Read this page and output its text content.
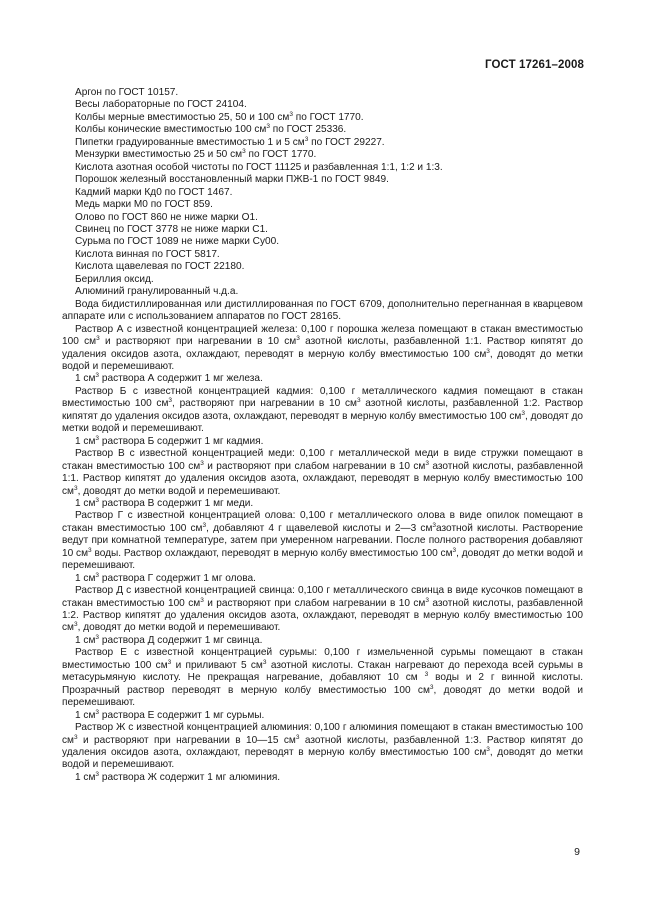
ГОСТ 17261–2008

Аргон по ГОСТ 10157.

Весы лабораторные по ГОСТ 24104.

Колбы мерные вместимостью 25, 50 и 100 $см^3$ по ГОСТ 1770.

Колбы конические вместимостью 100 $см^3$ по ГОСТ 25336.

Пипетки градуированные вместимостью 1 и 5 $см^3$ по ГОСТ 29227.

Мензурки вместимостью 25 и 50 $см^3$ по ГОСТ 1770.

Кислота азотная особой чистоты по ГОСТ 11125 и разбавленная 1:1, 1:2 и 1:3.

Порошок железный восстановленный марки ПЖВ-1 по ГОСТ 9849.

Кадмий марки Кд0 по ГОСТ 1467.

Медь марки М0 по ГОСТ 859.

Олово по ГОСТ 860 не ниже марки О1.

Свинец по ГОСТ 3778 не ниже марки С1.

Сурьма по ГОСТ 1089 не ниже марки Су00.

Кислота винная по ГОСТ 5817.

Кислота щавелевая по ГОСТ 22180.

Бериллия оксид.

Алюминий гранулированный ч.д.а.

Вода бидистиллированная или дистиллированная по ГОСТ 6709, дополнительно перегнанная в кварцевом аппарате или с использованием аппаратов по ГОСТ 28165.

Раствор А с известной концентрацией железа: 0,100 г порошка железа помещают в стакан вместимостью 100 $см^3$ и растворяют при нагревании в 10 $см^3$ азотной кислоты, разбавленной 1:1. Раствор кипятят до удаления оксидов азота, охлаждают, переводят в мерную колбу вместимостью 100 $см^3$, доводят до метки водой и перемешивают.

1 $см^3$ раствора А содержит 1 мг железа.

Раствор Б с известной концентрацией кадмия: 0,100 г металлического кадмия помещают в стакан вместимостью 100 $см^3$, растворяют при нагревании в 10 $см^3$ азотной кислоты, разбавленной 1:2. Раствор кипятят до удаления оксидов азота, охлаждают, переводят в мерную колбу вместимостью 100 $см^3$, доводят до метки водой и перемешивают.

1 $см^3$ раствора Б содержит 1 мг кадмия.

Раствор В с известной концентрацией меди: 0,100 г металлической меди в виде стружки помещают в стакан вместимостью 100 $см^3$ и растворяют при слабом нагревании в 10 $см^3$ азотной кислоты, разбавленной 1:1. Раствор кипятят до удаления оксидов азота, охлаждают, переводят в мерную колбу вместимостью 100 $см^3$, доводят до метки водой и перемешивают.

1 $см^3$ раствора В содержит 1 мг меди.

Раствор Г с известной концентрацией олова: 0,100 г металлического олова в виде опилок помещают в стакан вместимостью 100 $см^3$, добавляют 4 г щавелевой кислоты и 2—3 $см^3азотной$ кислоты. Растворение ведут при комнатной температуре, затем при умеренном нагревании. После полного растворения добавляют 10 $см^3$ воды. Раствор охлаждают, переводят в мерную колбу вместимостью 100 $см^3$, доводят до метки водой и перемешивают.

1 $см^3$ раствора Г содержит 1 мг олова.

Раствор Д с известной концентрацией свинца: 0,100 г металлического свинца в виде кусочков помещают в стакан вместимостью 100 $см^3$ и растворяют при слабом нагревании в 10 $см^3$ азотной кислоты, разбавленной 1:2. Раствор кипятят до удаления оксидов азота, охлаждают, переводят в мерную колбу вместимостью 100 $см^3$, доводят до метки водой и перемешивают.

1 $см^3$ раствора Д содержит 1 мг свинца.

Раствор Е с известной концентрацией сурьмы: 0,100 г измельченной сурьмы помещают в стакан вместимостью 100 $см^3$ и приливают 5 $см^3$ азотной кислоты. Стакан нагревают до перехода всей сурьмы в метасурьмяную кислоту. Не прекращая нагревание, добавляют 10 см $^3$ воды и 2 г винной кислоты. Прозрачный раствор переводят в мерную колбу вместимостью 100 $см^3$, доводят до метки водой и перемешивают.

1 $см^3$ раствора Е содержит 1 мг сурьмы.

Раствор Ж с известной концентрацией алюминия: 0,100 г алюминия помещают в стакан вместимостью 100 $см^3$ и растворяют при нагревании в 10—15 $см^3$ азотной кислоты, разбавленной 1:3. Раствор кипятят до удаления оксидов азота, охлаждают, переводят в мерную колбу вместимостью 100 $см^3$, доводят до метки водой и перемешивают.

1 $см^3$ раствора Ж содержит 1 мг алюминия.

9
